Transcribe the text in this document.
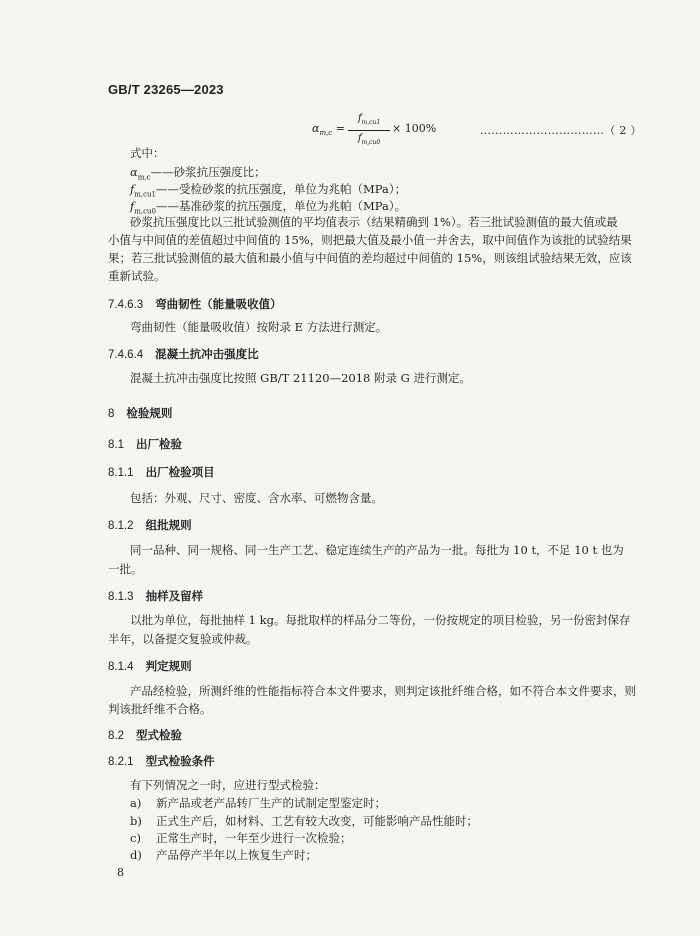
GB/T 23265—2023
$\alpha_{m,c}$ =
$f_{m,cu1}$
$f_{m,cu0}$
× 100%	……………………………（ 2 ）
式中：
$\alpha_{m,c}——$砂浆抗压强度比；
$f_{m,cu1}——$受检砂浆的抗压强度，单位为兆帕（MPa）；
$f_{m,cu0}——$基准砂浆的抗压强度，单位为兆帕（MPa）。
砂浆抗压强度比以三批试验测值的平均值表示（结果精确到 1%）。若三批试验测值的最大值或最
小值与中间值的差值超过中间值的 15%，则把最大值及最小值一并舍去，取中间值作为该批的试验结果
果；若三批试验测值的最大值和最小值与中间值的差均超过中间值的 15%，则该组试验结果无效，应该
重新试验。
7.4.6.3 弯曲韧性（能量吸收值）
弯曲韧性（能量吸收值）按附录 E 方法进行测定。
7.4.6.4 混凝土抗冲击强度比
混凝土抗冲击强度比按照 GB/T 21120—2018 附录 G 进行测定。
8 检验规则
8.1 出厂检验
8.1.1 出厂检验项目
包括：外观、尺寸、密度、含水率、可燃物含量。
8.1.2 组批规则
同一品种、同一规格、同一生产工艺、稳定连续生产的产品为一批。每批为 10 t，不足 10 t 也为
一批。
8.1.3 抽样及留样
以批为单位，每批抽样 1 kg。每批取样的样品分二等份，一份按规定的项目检验，另一份密封保存
半年，以备提交复验或仲裁。
8.1.4 判定规则
产品经检验，所测纤维的性能指标符合本文件要求，则判定该批纤维合格，如不符合本文件要求，则
判该批纤维不合格。
8.2 型式检验
8.2.1 型式检验条件
有下列情况之一时，应进行型式检验：
a) 新产品或老产品转厂生产的试制定型鉴定时；
b) 正式生产后，如材料、工艺有较大改变，可能影响产品性能时；
c) 正常生产时，一年至少进行一次检验；
d) 产品停产半年以上恢复生产时；
8
